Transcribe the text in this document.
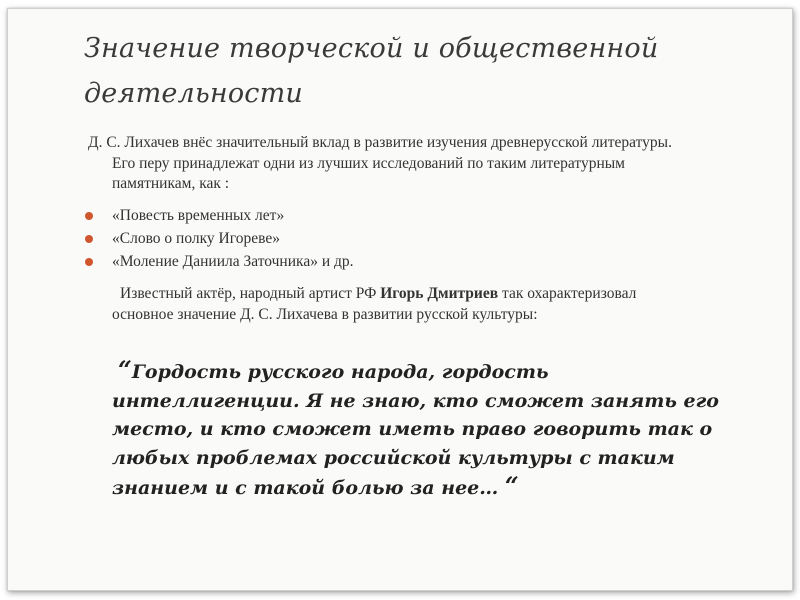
Значение творческой и общественной
деятельности
Д. С. Лихачев внёс значительный вклад в развитие изучения древнерусской литературы.
Его перу принадлежат одни из лучших исследований по таким литературным
памятникам, как :
«Повесть временных лет»
«Слово о полку Игореве»
«Моление Даниила Заточника» и др.
Известный актёр, народный артист РФ Игорь Дмитриев так охарактеризовал
основное значение Д. С. Лихачева в развитии русской культуры:
“Гордость русского народа, гордость
интеллигенции. Я не знаю, кто сможет занять его
место, и кто сможет иметь право говорить так о
любых проблемах российской культуры с таким
знанием и с такой болью за нее… “
